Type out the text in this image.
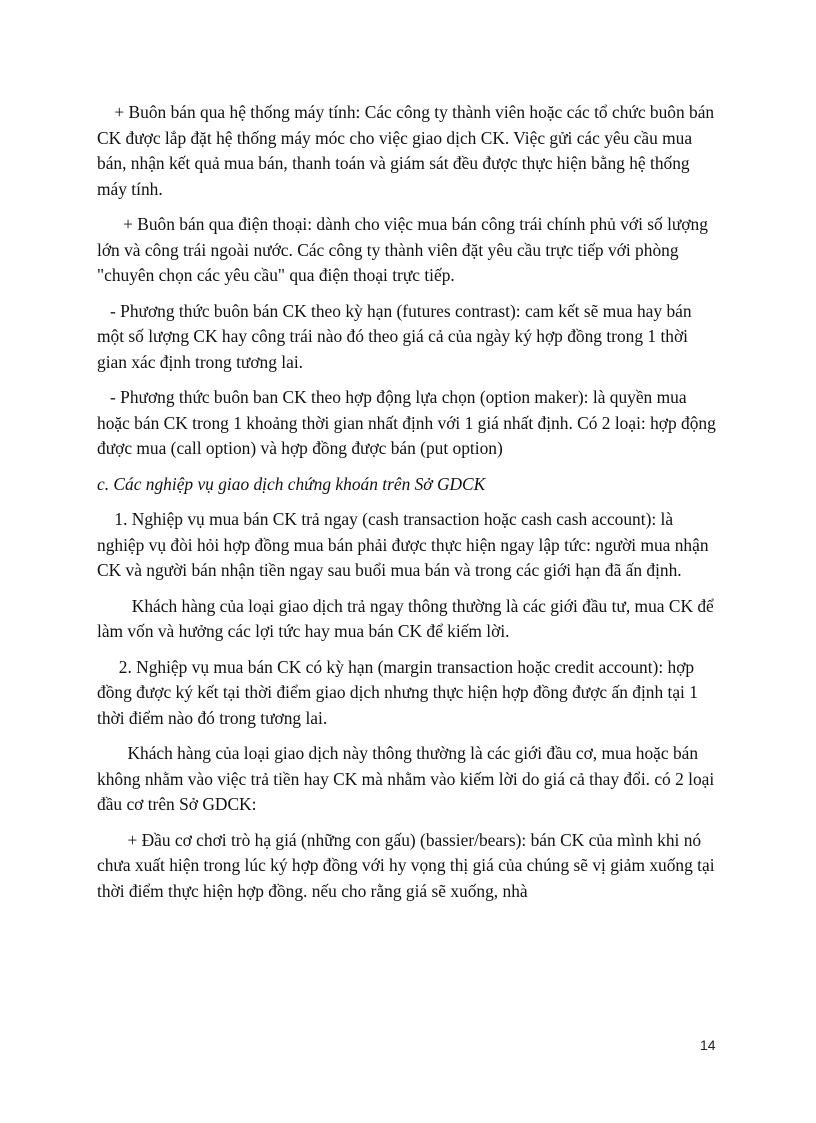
+ Buôn bán qua hệ thống máy tính: Các công ty thành viên hoặc các tổ chức buôn bán CK được lắp đặt hệ thống máy móc cho việc giao dịch CK. Việc gửi các yêu cầu mua bán, nhận kết quả mua bán, thanh toán và giám sát đều được thực hiện bằng hệ thống máy tính.

+ Buôn bán qua điện thoại: dành cho việc mua bán công trái chính phủ với số lượng lớn và công trái ngoài nước. Các công ty thành viên đặt yêu cầu trực tiếp với phòng "chuyên chọn các yêu cầu" qua điện thoại trực tiếp.

- Phương thức buôn bán CK theo kỳ hạn (futures contrast): cam kết sẽ mua hay bán một số lượng CK hay công trái nào đó theo giá cả của ngày ký hợp đồng trong 1 thời gian xác định trong tương lai.

- Phương thức buôn ban CK theo hợp động lựa chọn (option maker): là quyền mua hoặc bán CK trong 1 khoảng thời gian nhất định với 1 giá nhất định. Có 2 loại: hợp động được mua (call option) và hợp đồng được bán (put option)

c. Các nghiệp vụ giao dịch chứng khoán trên Sở GDCK

1. Nghiệp vụ mua bán CK trả ngay (cash transaction hoặc cash cash account): là nghiệp vụ đòi hỏi hợp đồng mua bán phải được thực hiện ngay lập tức: người mua nhận CK và người bán nhận tiền ngay sau buổi mua bán và trong các giới hạn đã ấn định.

Khách hàng của loại giao dịch trả ngay thông thường là các giới đầu tư, mua CK để làm vốn và hưởng các lợi tức hay mua bán CK để kiếm lời.

2. Nghiệp vụ mua bán CK có kỳ hạn (margin transaction hoặc credit account): hợp đồng được ký kết tại thời điểm giao dịch nhưng thực hiện hợp đồng được ấn định tại 1 thời điểm nào đó trong tương lai.

Khách hàng của loại giao dịch này thông thường là các giới đầu cơ, mua hoặc bán không nhằm vào việc trả tiền hay CK mà nhằm vào kiếm lời do giá cả thay đổi. có 2 loại đầu cơ trên Sở GDCK:

+ Đầu cơ chơi trò hạ giá (những con gấu) (bassier/bears): bán CK của mình khi nó chưa xuất hiện trong lúc ký hợp đồng với hy vọng thị giá của chúng sẽ vị giảm xuống tại thời điểm thực hiện hợp đồng. nếu cho rằng giá sẽ xuống, nhà

14
